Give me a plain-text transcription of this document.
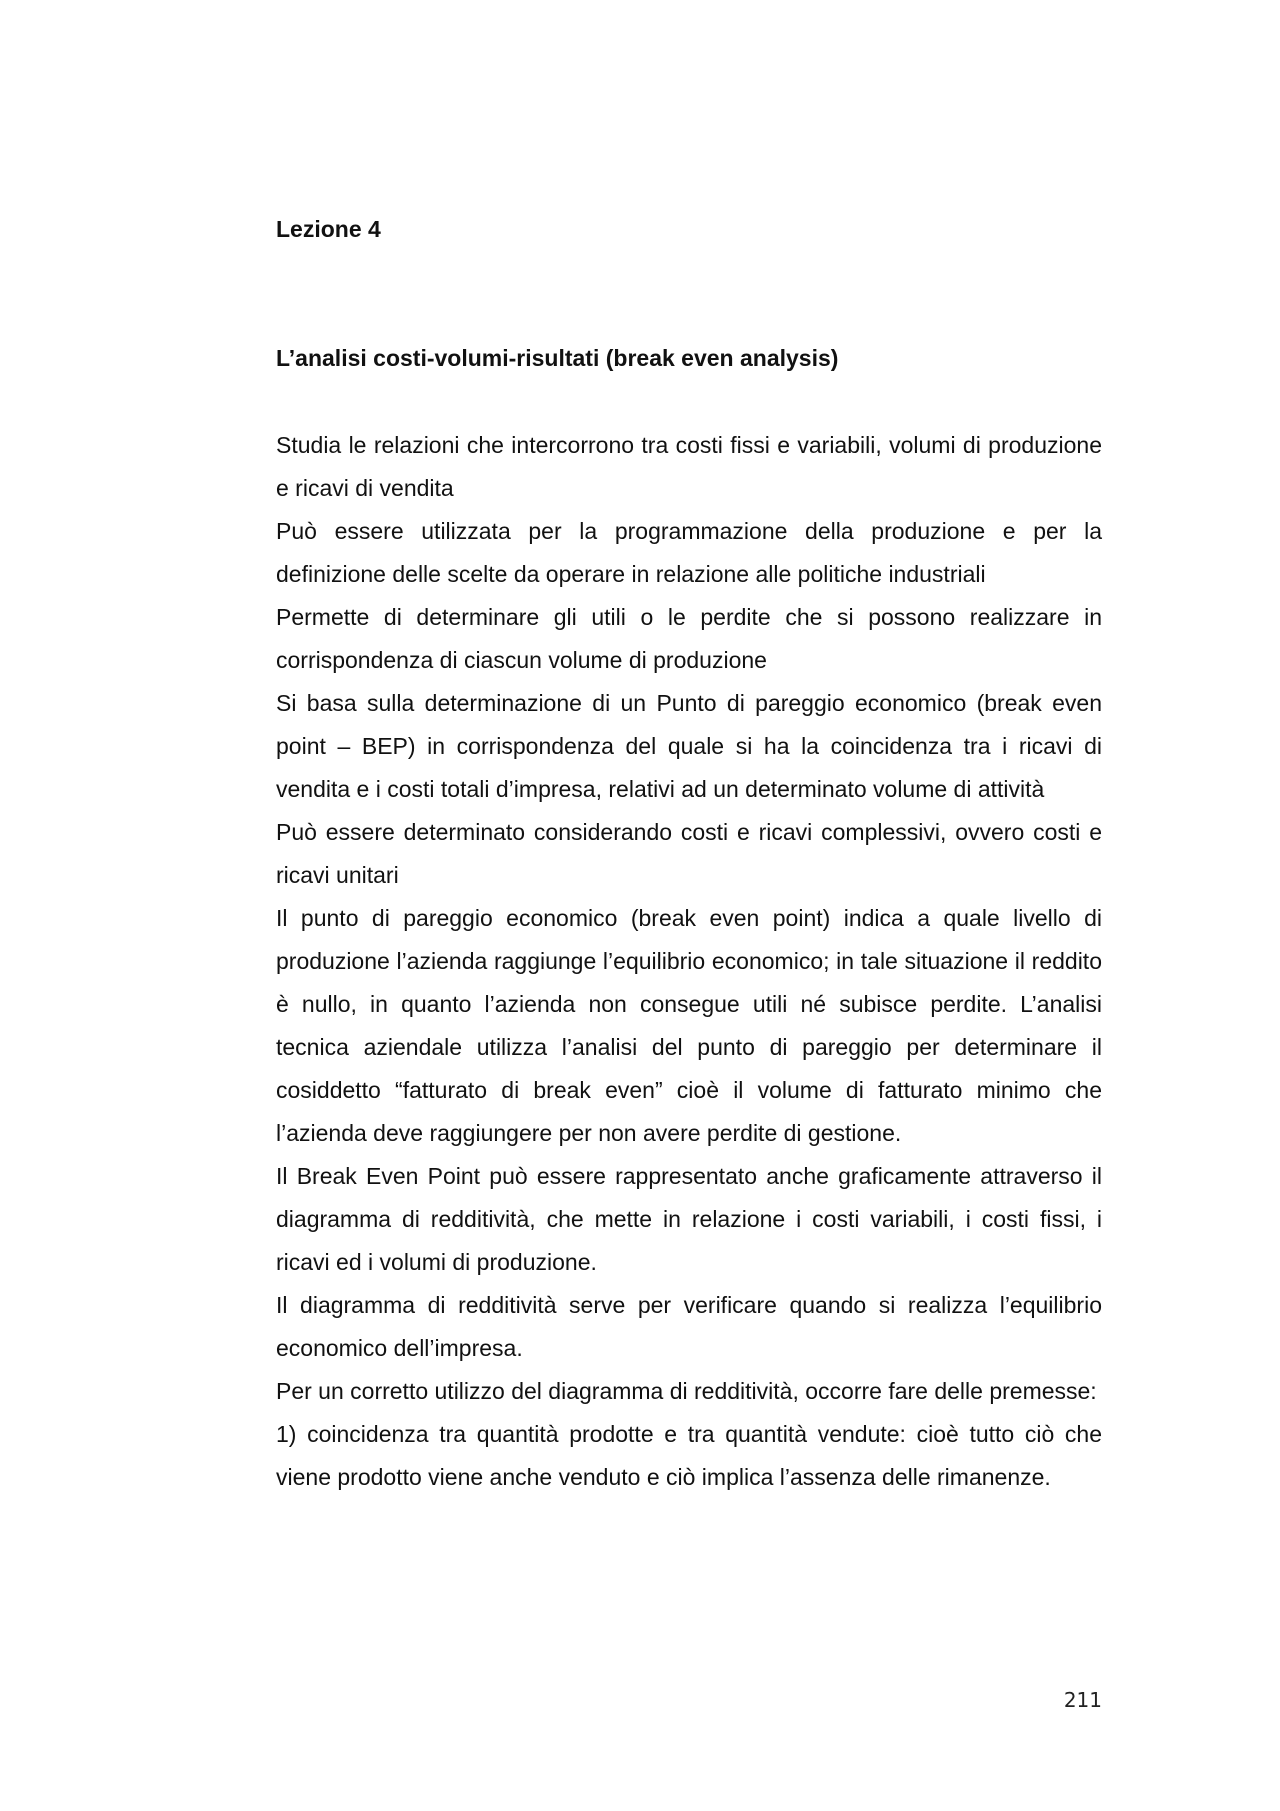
Lezione 4
L’analisi costi-volumi-risultati (break even analysis)

Studia le relazioni che intercorrono tra costi fissi e variabili, volumi di produzione e ricavi di vendita

Può essere utilizzata per la programmazione della produzione e per la definizione delle scelte da operare in relazione alle politiche industriali

Permette di determinare gli utili o le perdite che si possono realizzare in corrispondenza di ciascun volume di produzione

Si basa sulla determinazione di un Punto di pareggio economico (break even point – BEP) in corrispondenza del quale si ha la coincidenza tra i ricavi di vendita e i costi totali d’impresa, relativi ad un determinato volume di attività

Può essere determinato considerando costi e ricavi complessivi, ovvero costi e ricavi unitari

Il punto di pareggio economico (break even point) indica a quale livello di produzione l’azienda raggiunge l’equilibrio economico; in tale situazione il reddito è nullo, in quanto l’azienda non consegue utili né subisce perdite. L’analisi tecnica aziendale utilizza l’analisi del punto di pareggio per determinare il cosiddetto “fatturato di break even” cioè il volume di fatturato minimo che l’azienda deve raggiungere per non avere perdite di gestione.

Il Break Even Point può essere rappresentato anche graficamente attraverso il diagramma di redditività, che mette in relazione i costi variabili, i costi fissi, i ricavi ed i volumi di produzione.

Il diagramma di redditività serve per verificare quando si realizza l’equilibrio economico dell’impresa.

Per un corretto utilizzo del diagramma di redditività, occorre fare delle premesse:

1) coincidenza tra quantità prodotte e tra quantità vendute: cioè tutto ciò che viene prodotto viene anche venduto e ciò implica l’assenza delle rimanenze.

211
